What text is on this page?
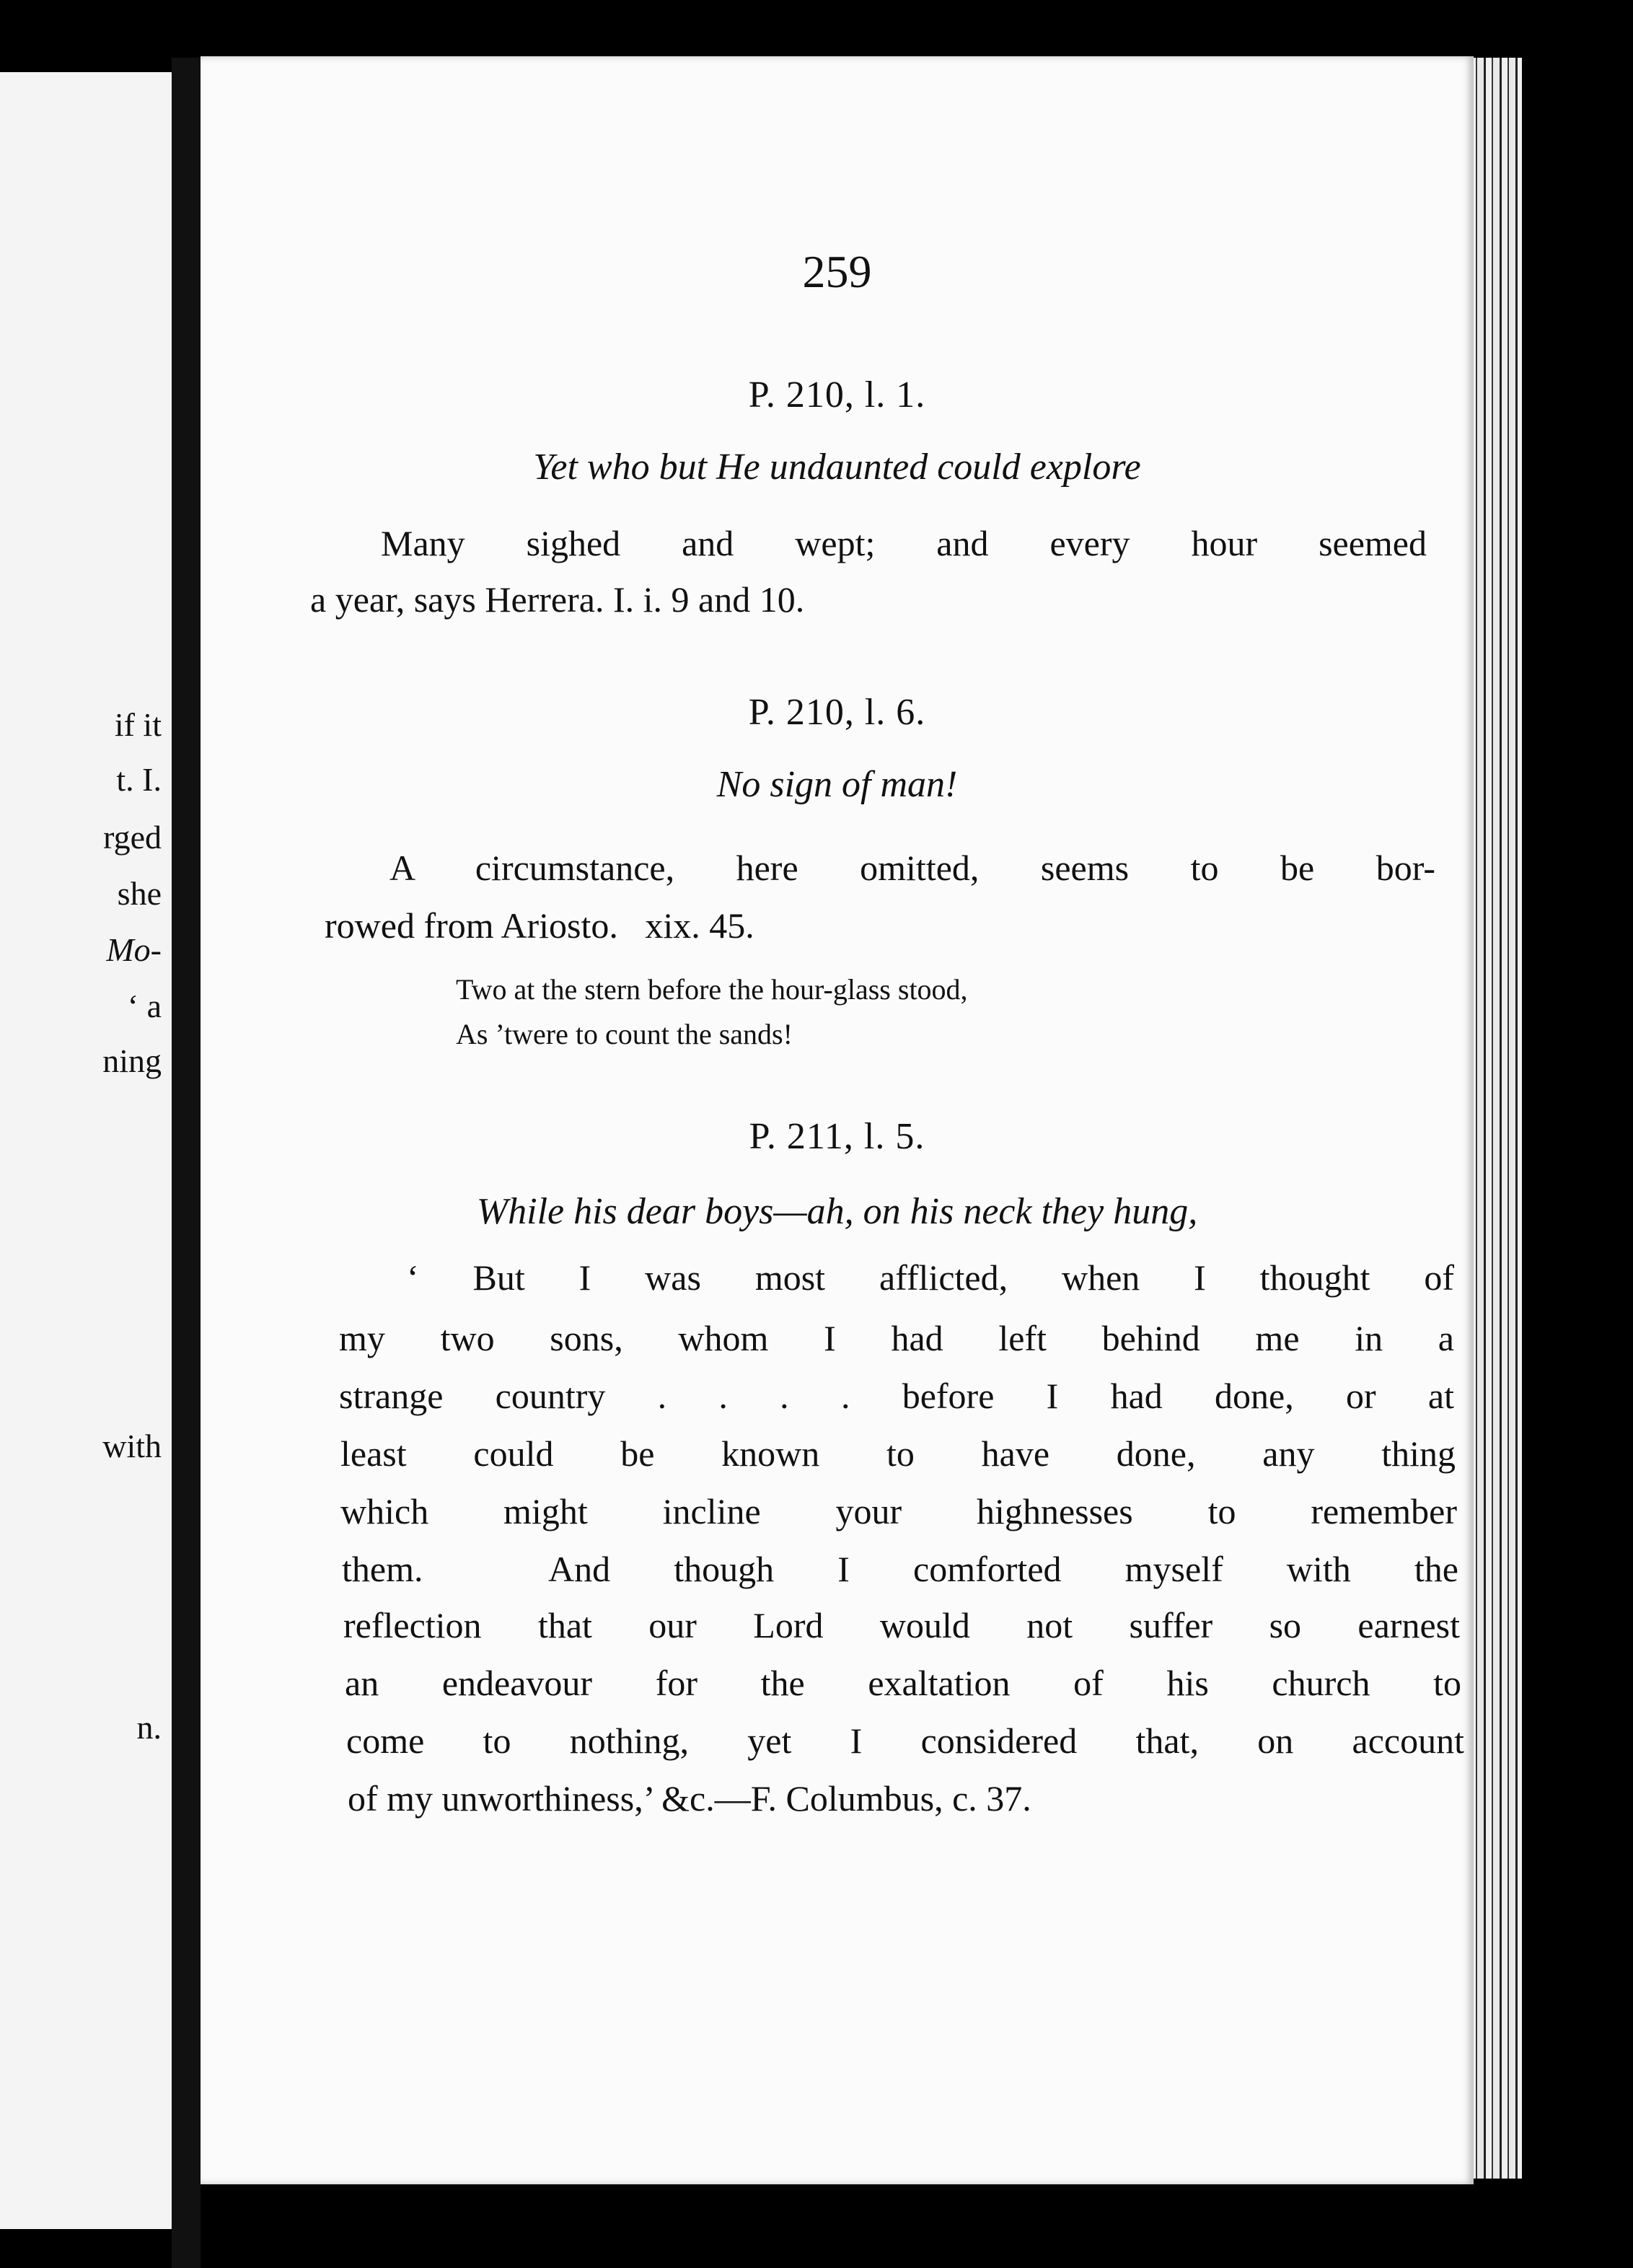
if it
t. I.
rged
she
Mo-
‘ a
ning
with
n.
259
P. 210, l. 1.
Yet who but He undaunted could explore
Many sighed and wept; and every hour seemed
a year, says Herrera. I. i. 9 and 10.
P. 210, l. 6.
No sign of man!
A circumstance, here omitted, seems to be bor-
rowed from Ariosto.   xix. 45.
Two at the stern before the hour-glass stood,
As ’twere to count the sands!
P. 211, l. 5.
While his dear boys—ah, on his neck they hung,
‘ But I was most afflicted, when I thought of
my two sons, whom I had left behind me in a
strange country . . . . before I had done, or at
least could be known to have done, any thing
which might incline your highnesses to remember
them.  And though I comforted myself with the
reflection that our Lord would not suffer so earnest
an endeavour for the exaltation of his church to
come to nothing, yet I considered that, on account
of my unworthiness,’ &c.—F. Columbus, c. 37.
